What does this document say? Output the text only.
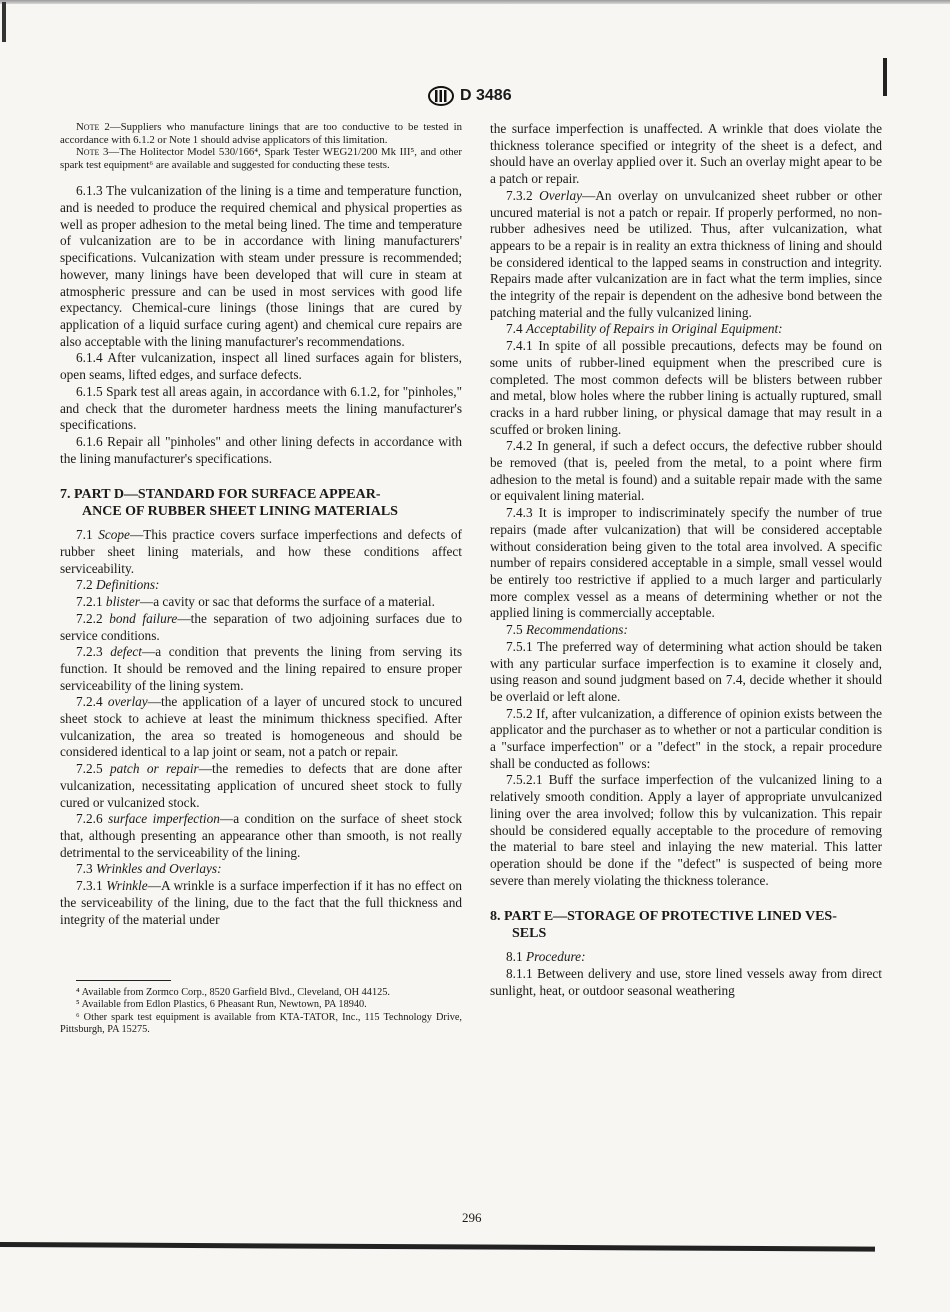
D 3486

Note 2—Suppliers who manufacture linings that are too conductive to be tested in accordance with 6.1.2 or Note 1 should advise applicators of this limitation.

Note 3—The Holitector Model 530/166⁴, Spark Tester WEG21/200 Mk III⁵, and other spark test equipment⁶ are available and suggested for conducting these tests.

6.1.3 The vulcanization of the lining is a time and temperature function, and is needed to produce the required chemical and physical properties as well as proper adhesion to the metal being lined. The time and temperature of vulcanization are to be in accordance with lining manufacturers' specifications. Vulcanization with steam under pressure is recommended; however, many linings have been developed that will cure in steam at atmospheric pressure and can be used in most services with good life expectancy. Chemical-cure linings (those linings that are cured by application of a liquid surface curing agent) and chemical cure repairs are also acceptable with the lining manufacturer's recommendations.

6.1.4 After vulcanization, inspect all lined surfaces again for blisters, open seams, lifted edges, and surface defects.

6.1.5 Spark test all areas again, in accordance with 6.1.2, for "pinholes," and check that the durometer hardness meets the lining manufacturer's specifications.

6.1.6 Repair all "pinholes" and other lining defects in accordance with the lining manufacturer's specifications.

7. PART D—STANDARD FOR SURFACE APPEAR-
ANCE OF RUBBER SHEET LINING MATERIALS

7.1 Scope—This practice covers surface imperfections and defects of rubber sheet lining materials, and how these conditions affect serviceability.

7.2 Definitions:

7.2.1 blister—a cavity or sac that deforms the surface of a material.

7.2.2 bond failure—the separation of two adjoining surfaces due to service conditions.

7.2.3 defect—a condition that prevents the lining from serving its function. It should be removed and the lining repaired to ensure proper serviceability of the lining system.

7.2.4 overlay—the application of a layer of uncured stock to uncured sheet stock to achieve at least the minimum thickness specified. After vulcanization, the area so treated is homogeneous and should be considered identical to a lap joint or seam, not a patch or repair.

7.2.5 patch or repair—the remedies to defects that are done after vulcanization, necessitating application of uncured sheet stock to fully cured or vulcanized stock.

7.2.6 surface imperfection—a condition on the surface of sheet stock that, although presenting an appearance other than smooth, is not really detrimental to the serviceability of the lining.

7.3 Wrinkles and Overlays:

7.3.1 Wrinkle—A wrinkle is a surface imperfection if it has no effect on the serviceability of the lining, due to the fact that the full thickness and integrity of the material under

⁴ Available from Zormco Corp., 8520 Garfield Blvd., Cleveland, OH 44125.

⁵ Available from Edlon Plastics, 6 Pheasant Run, Newtown, PA 18940.

⁶ Other spark test equipment is available from KTA-TATOR, Inc., 115 Technology Drive, Pittsburgh, PA 15275.

the surface imperfection is unaffected. A wrinkle that does violate the thickness tolerance specified or integrity of the sheet is a defect, and should have an overlay applied over it. Such an overlay might apear to be a patch or repair.

7.3.2 Overlay—An overlay on unvulcanized sheet rubber or other uncured material is not a patch or repair. If properly performed, no non-rubber adhesives need be utilized. Thus, after vulcanization, what appears to be a repair is in reality an extra thickness of lining and should be considered identical to the lapped seams in construction and integrity. Repairs made after vulcanization are in fact what the term implies, since the integrity of the repair is dependent on the adhesive bond between the patching material and the fully vulcanized lining.

7.4 Acceptability of Repairs in Original Equipment:

7.4.1 In spite of all possible precautions, defects may be found on some units of rubber-lined equipment when the prescribed cure is completed. The most common defects will be blisters between rubber and metal, blow holes where the rubber lining is actually ruptured, small cracks in a hard rubber lining, or physical damage that may result in a scuffed or broken lining.

7.4.2 In general, if such a defect occurs, the defective rubber should be removed (that is, peeled from the metal, to a point where firm adhesion to the metal is found) and a suitable repair made with the same or equivalent lining material.

7.4.3 It is improper to indiscriminately specify the number of true repairs (made after vulcanization) that will be considered acceptable without consideration being given to the total area involved. A specific number of repairs considered acceptable in a simple, small vessel would be entirely too restrictive if applied to a much larger and particularly more complex vessel as a means of determining whether or not the applied lining is commercially acceptable.

7.5 Recommendations:

7.5.1 The preferred way of determining what action should be taken with any particular surface imperfection is to examine it closely and, using reason and sound judgment based on 7.4, decide whether it should be overlaid or left alone.

7.5.2 If, after vulcanization, a difference of opinion exists between the applicator and the purchaser as to whether or not a particular condition is a "surface imperfection" or a "defect" in the stock, a repair procedure shall be conducted as follows:

7.5.2.1 Buff the surface imperfection of the vulcanized lining to a relatively smooth condition. Apply a layer of appropriate unvulcanized lining over the area involved; follow this by vulcanization. This repair should be considered equally acceptable to the procedure of removing the material to bare steel and inlaying the new material. This latter operation should be done if the "defect" is suspected of being more severe than merely violating the thickness tolerance.

8. PART E—STORAGE OF PROTECTIVE LINED VES-
SELS

8.1 Procedure:

8.1.1 Between delivery and use, store lined vessels away from direct sunlight, heat, or outdoor seasonal weathering

296
